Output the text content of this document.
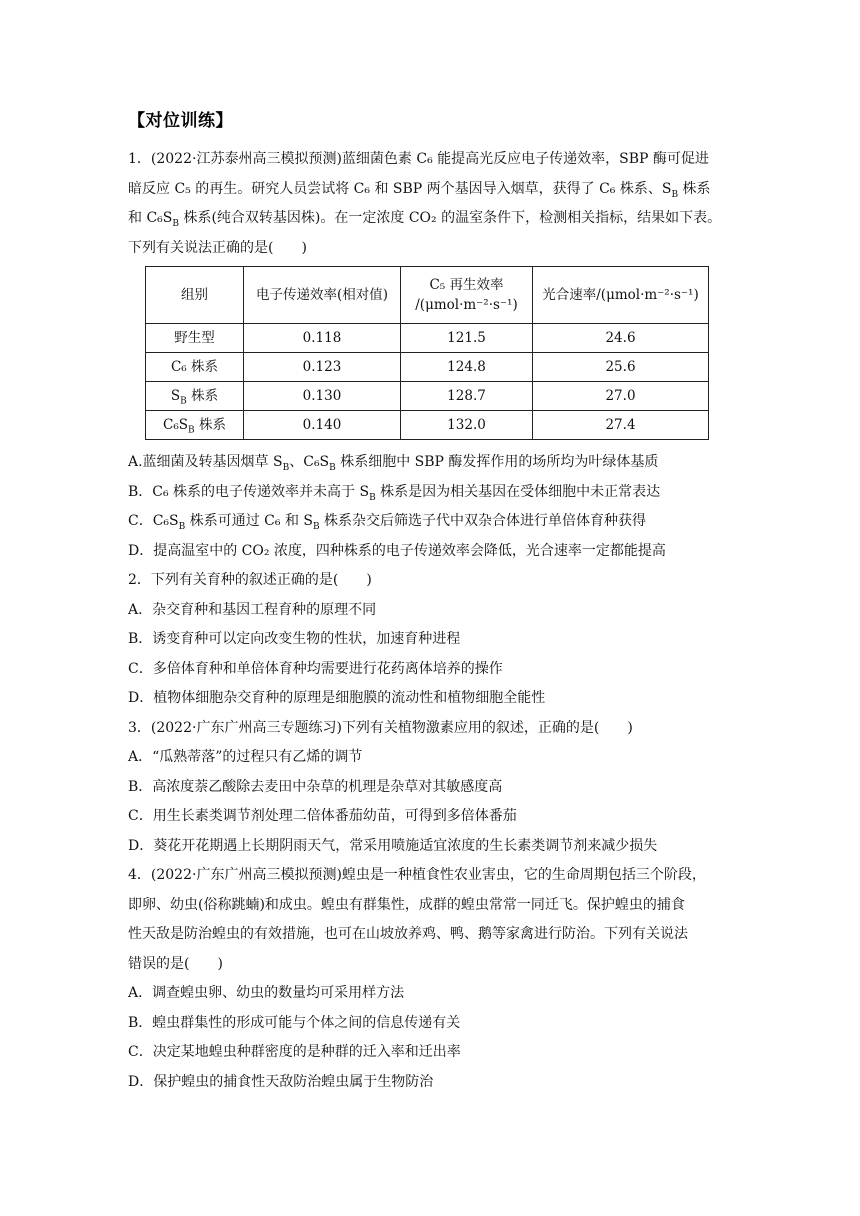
【对位训练】

1．(2022·江苏泰州高三模拟预测)蓝细菌色素 C₆ 能提高光反应电子传递效率，SBP 酶可促进

暗反应 C₅ 的再生。研究人员尝试将 C₆ 和 SBP 两个基因导入烟草，获得了 C₆ 株系、$S_B$ 株系

和 $C_6S_B$ 株系(纯合双转基因株)。在一定浓度 CO₂ 的温室条件下，检测相关指标，结果如下表。

下列有关说法正确的是(　　)

组别	电子传递效率(相对值)	C₅ 再生效率 /(μmol·m⁻²·s⁻¹)	光合速率/(μmol·m⁻²·s⁻¹)
野生型	0.118	121.5	24.6
C₆ 株系	0.123	124.8	25.6
$S_B$ 株系	0.130	128.7	27.0
$C_6S_B$ 株系	0.140	132.0	27.4

A.蓝细菌及转基因烟草 $S_B$、$C_6S_B$ 株系细胞中 SBP 酶发挥作用的场所均为叶绿体基质

B．C₆ 株系的电子传递效率并未高于 $S_B$ 株系是因为相关基因在受体细胞中未正常表达

C．$C_6S_B$ 株系可通过 C₆ 和 $S_B$ 株系杂交后筛选子代中双杂合体进行单倍体育种获得

D．提高温室中的 CO₂ 浓度，四种株系的电子传递效率会降低，光合速率一定都能提高

2．下列有关育种的叙述正确的是(　　)

A．杂交育种和基因工程育种的原理不同

B．诱变育种可以定向改变生物的性状，加速育种进程

C．多倍体育种和单倍体育种均需要进行花药离体培养的操作

D．植物体细胞杂交育种的原理是细胞膜的流动性和植物细胞全能性

3．(2022·广东广州高三专题练习)下列有关植物激素应用的叙述，正确的是(　　)

A．“瓜熟蒂落”的过程只有乙烯的调节

B．高浓度萘乙酸除去麦田中杂草的机理是杂草对其敏感度高

C．用生长素类调节剂处理二倍体番茄幼苗，可得到多倍体番茄

D．葵花开花期遇上长期阴雨天气，常采用喷施适宜浓度的生长素类调节剂来减少损失

4．(2022·广东广州高三模拟预测)蝗虫是一种植食性农业害虫，它的生命周期包括三个阶段，

即卵、幼虫(俗称跳蝻)和成虫。蝗虫有群集性，成群的蝗虫常常一同迁飞。保护蝗虫的捕食

性天敌是防治蝗虫的有效措施，也可在山坡放养鸡、鸭、鹅等家禽进行防治。下列有关说法

错误的是(　　)

A．调查蝗虫卵、幼虫的数量均可采用样方法

B．蝗虫群集性的形成可能与个体之间的信息传递有关

C．决定某地蝗虫种群密度的是种群的迁入率和迁出率

D．保护蝗虫的捕食性天敌防治蝗虫属于生物防治
